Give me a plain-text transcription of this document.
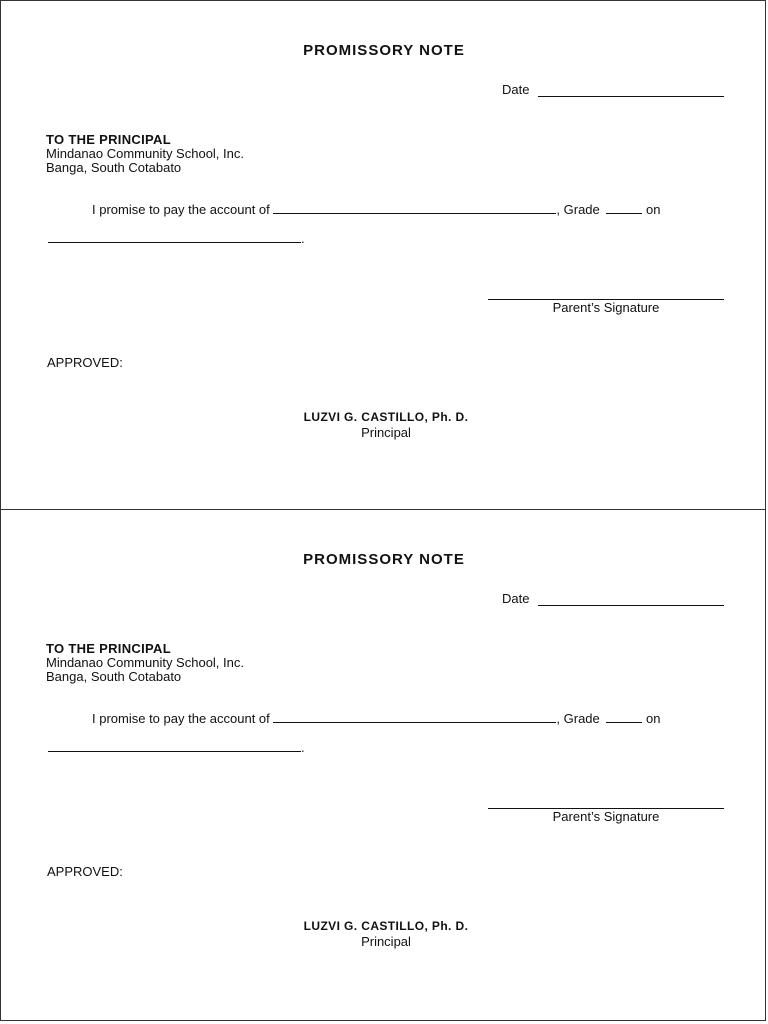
PROMISSORY NOTE
Date
TO THE PRINCIPAL
Mindanao Community School, Inc.
Banga, South Cotabato
I promise to pay the account of	, Grade	on
.
Parent’s Signature
APPROVED:
LUZVI G. CASTILLO, Ph. D.
Principal
PROMISSORY NOTE
Date
TO THE PRINCIPAL
Mindanao Community School, Inc.
Banga, South Cotabato
I promise to pay the account of	, Grade	on
.
Parent’s Signature
APPROVED:
LUZVI G. CASTILLO, Ph. D.
Principal
